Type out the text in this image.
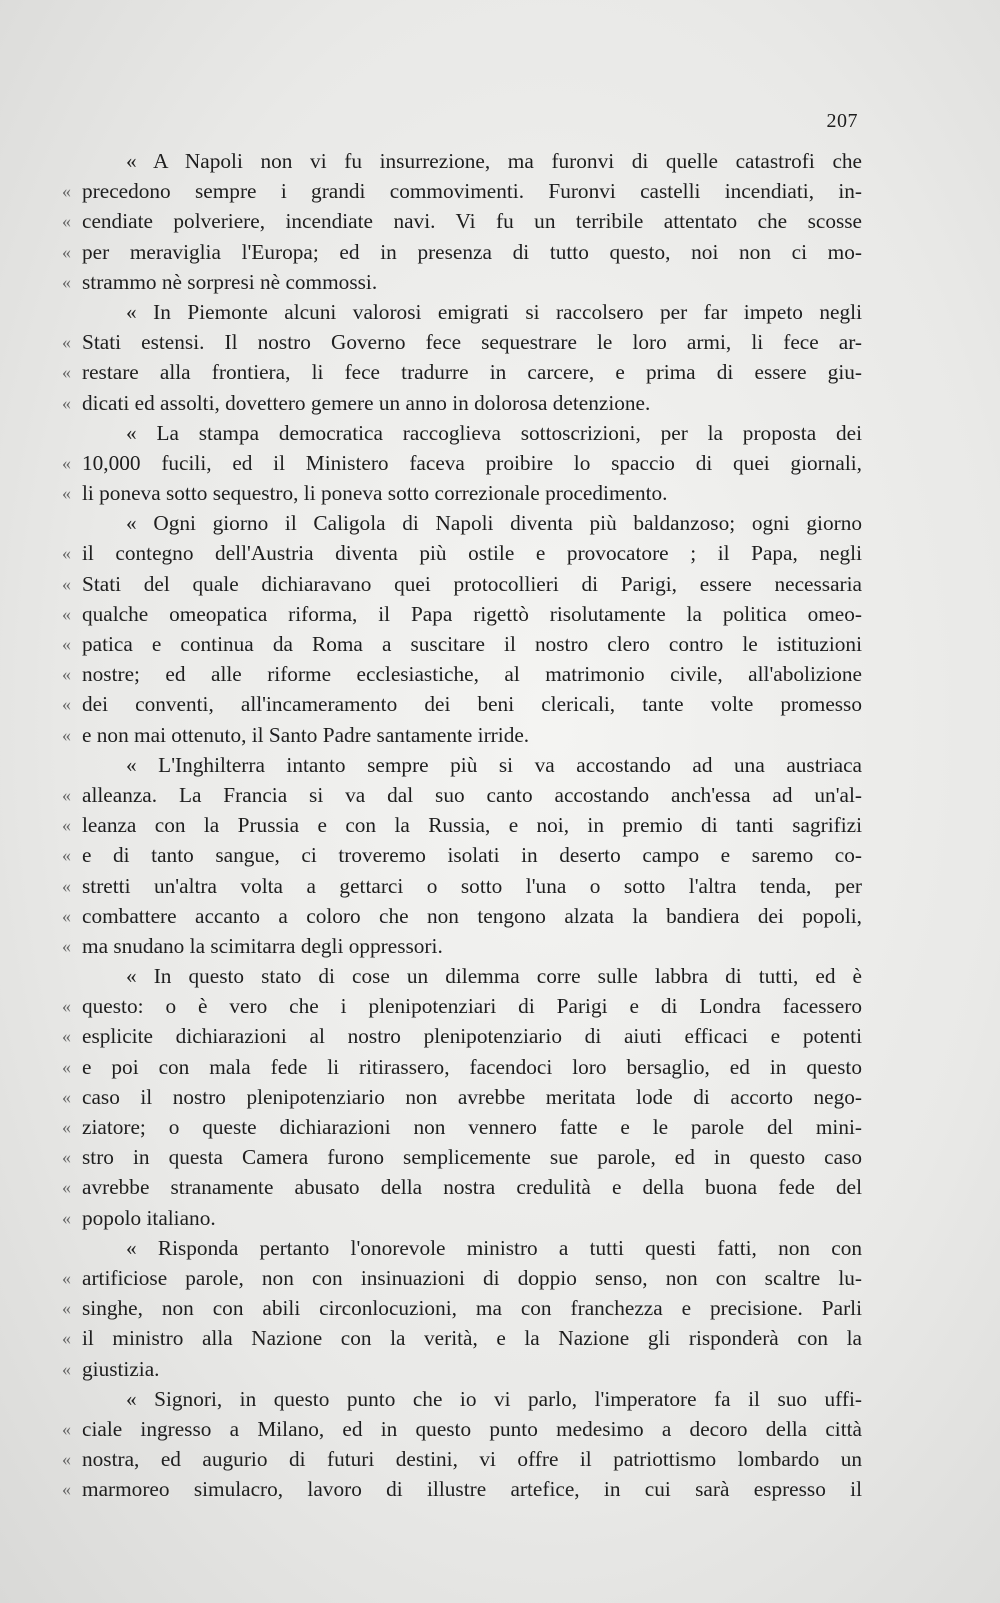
207
« A Napoli non vi fu insurrezione, ma furonvi di quelle catastrofi che
« precedono sempre i grandi commovimenti. Furonvi castelli incendiati, in-
« cendiate polveriere, incendiate navi. Vi fu un terribile attentato che scosse
« per meraviglia l'Europa; ed in presenza di tutto questo, noi non ci mo-
« strammo nè sorpresi nè commossi.
« In Piemonte alcuni valorosi emigrati si raccolsero per far impeto negli
« Stati estensi. Il nostro Governo fece sequestrare le loro armi, li fece ar-
« restare alla frontiera, li fece tradurre in carcere, e prima di essere giu-
« dicati ed assolti, dovettero gemere un anno in dolorosa detenzione.
« La stampa democratica raccoglieva sottoscrizioni, per la proposta dei
« 10,000 fucili, ed il Ministero faceva proibire lo spaccio di quei giornali,
« li poneva sotto sequestro, li poneva sotto correzionale procedimento.
« Ogni giorno il Caligola di Napoli diventa più baldanzoso; ogni giorno
« il contegno dell'Austria diventa più ostile e provocatore ; il Papa, negli
« Stati del quale dichiaravano quei protocollieri di Parigi, essere necessaria
« qualche omeopatica riforma, il Papa rigettò risolutamente la politica omeo-
« patica e continua da Roma a suscitare il nostro clero contro le istituzioni
« nostre; ed alle riforme ecclesiastiche, al matrimonio civile, all'abolizione
« dei conventi, all'incameramento dei beni clericali, tante volte promesso
« e non mai ottenuto, il Santo Padre santamente irride.
« L'Inghilterra intanto sempre più si va accostando ad una austriaca
« alleanza. La Francia si va dal suo canto accostando anch'essa ad un'al-
« leanza con la Prussia e con la Russia, e noi, in premio di tanti sagrifizi
« e di tanto sangue, ci troveremo isolati in deserto campo e saremo co-
« stretti un'altra volta a gettarci o sotto l'una o sotto l'altra tenda, per
« combattere accanto a coloro che non tengono alzata la bandiera dei popoli,
« ma snudano la scimitarra degli oppressori.
« In questo stato di cose un dilemma corre sulle labbra di tutti, ed è
« questo: o è vero che i plenipotenziari di Parigi e di Londra facessero
« esplicite dichiarazioni al nostro plenipotenziario di aiuti efficaci e potenti
« e poi con mala fede li ritirassero, facendoci loro bersaglio, ed in questo
« caso il nostro plenipotenziario non avrebbe meritata lode di accorto nego-
« ziatore; o queste dichiarazioni non vennero fatte e le parole del mini-
« stro in questa Camera furono semplicemente sue parole, ed in questo caso
« avrebbe stranamente abusato della nostra credulità e della buona fede del
« popolo italiano.
« Risponda pertanto l'onorevole ministro a tutti questi fatti, non con
« artificiose parole, non con insinuazioni di doppio senso, non con scaltre lu-
« singhe, non con abili circonlocuzioni, ma con franchezza e precisione. Parli
« il ministro alla Nazione con la verità, e la Nazione gli risponderà con la
« giustizia.
« Signori, in questo punto che io vi parlo, l'imperatore fa il suo uffi-
« ciale ingresso a Milano, ed in questo punto medesimo a decoro della città
« nostra, ed augurio di futuri destini, vi offre il patriottismo lombardo un
« marmoreo simulacro, lavoro di illustre artefice, in cui sarà espresso il
